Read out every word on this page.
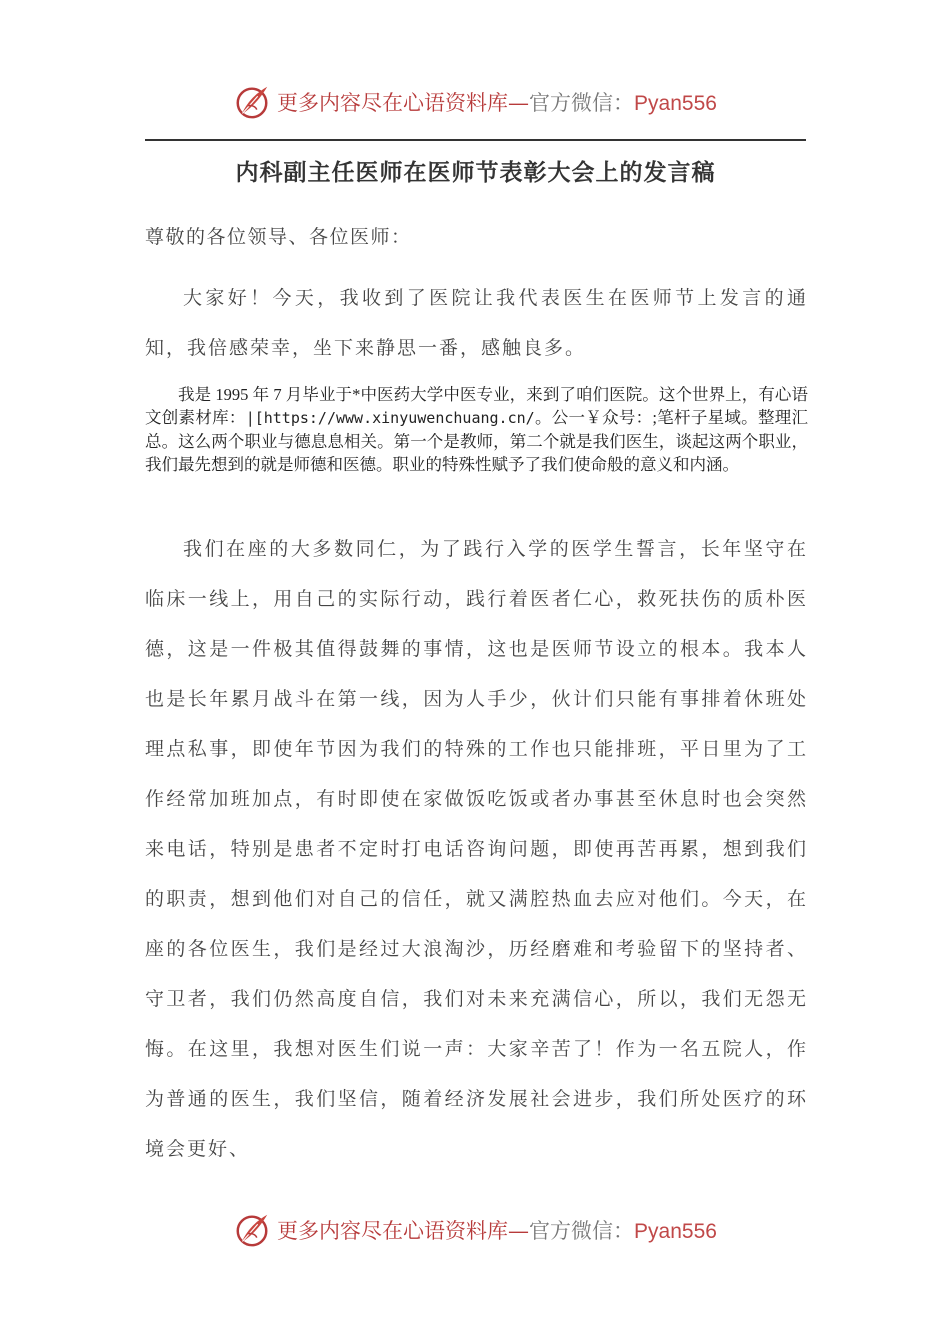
更多内容尽在心语资料库—官方微信：Pyan556
内科副主任医师在医师节表彰大会上的发言稿
尊敬的各位领导、各位医师：

大家好！今天，我收到了医院让我代表医生在医师节上发言的通知，我倍感荣幸，坐下来静思一番，感触良多。

我是 1995 年 7 月毕业于*中医药大学中医专业，来到了咱们医院。这个世界上，有心语文创素材库：|[https://www.xinyuwenchuang.cn/。公一￥众号：;笔杆子星域。整理汇总。这么两个职业与德息息相关。第一个是教师，第二个就是我们医生，谈起这两个职业，我们最先想到的就是师德和医德。职业的特殊性赋予了我们使命般的意义和内涵。

我们在座的大多数同仁，为了践行入学的医学生誓言，长年坚守在临床一线上，用自己的实际行动，践行着医者仁心，救死扶伤的质朴医德，这是一件极其值得鼓舞的事情，这也是医师节设立的根本。我本人也是长年累月战斗在第一线，因为人手少，伙计们只能有事排着休班处理点私事，即使年节因为我们的特殊的工作也只能排班，平日里为了工作经常加班加点，有时即使在家做饭吃饭或者办事甚至休息时也会突然来电话，特别是患者不定时打电话咨询问题，即使再苦再累，想到我们的职责，想到他们对自己的信任，就又满腔热血去应对他们。今天，在座的各位医生，我们是经过大浪淘沙，历经磨难和考验留下的坚持者、守卫者，我们仍然高度自信，我们对未来充满信心，所以，我们无怨无悔。在这里，我想对医生们说一声：大家辛苦了！作为一名五院人，作为普通的医生，我们坚信，随着经济发展社会进步，我们所处医疗的环境会更好、

更多内容尽在心语资料库—官方微信：Pyan556
